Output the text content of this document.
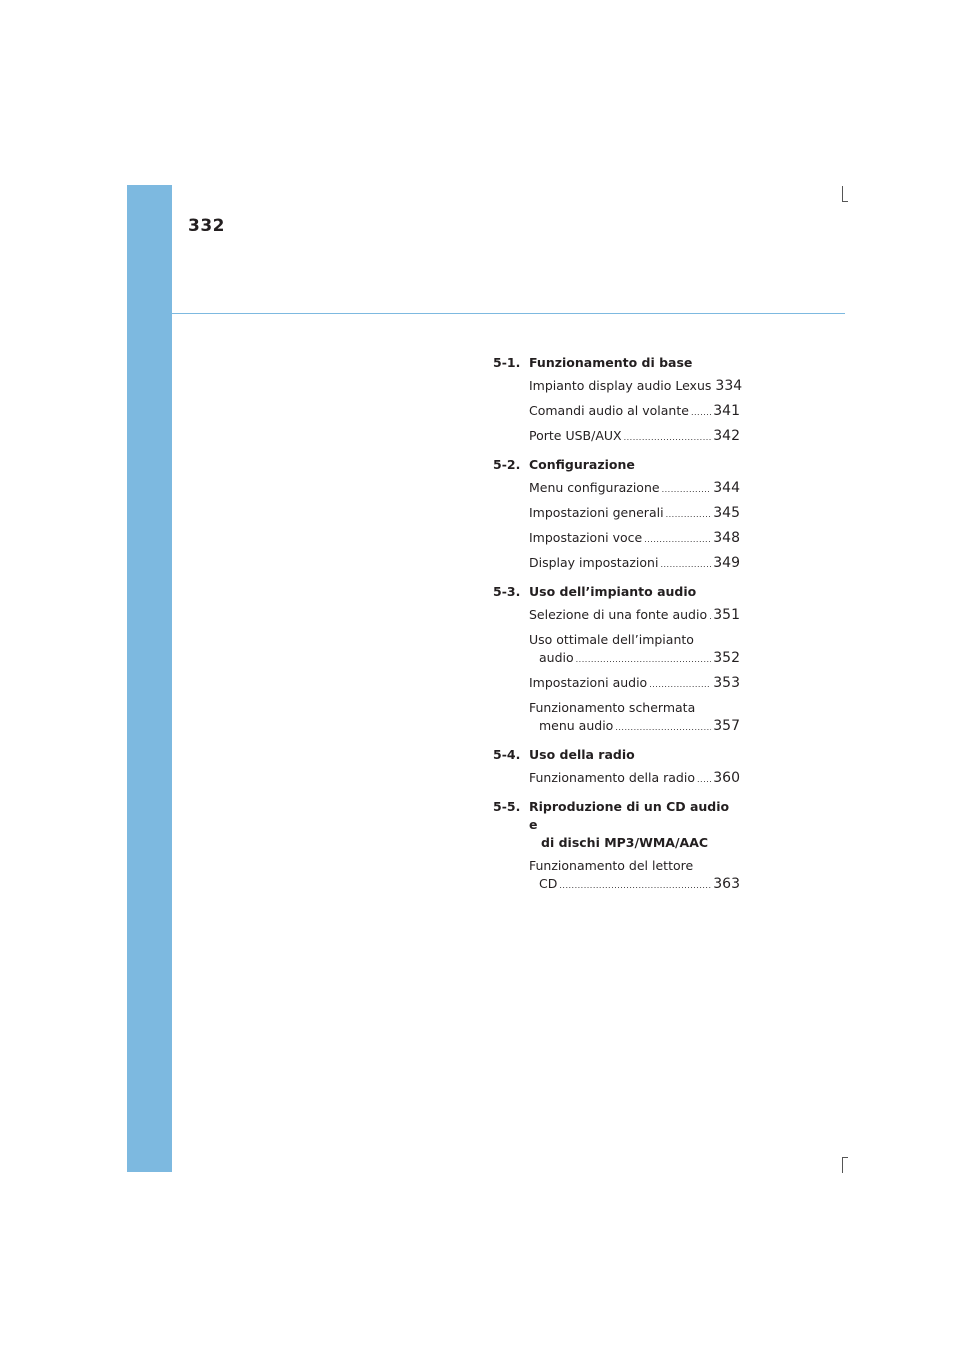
332
5-1. Funzionamento di base
Impianto display audio Lexus 334
Comandi audio al volante ..... 341
Porte USB/AUX .....	342
5-2. Configurazione
Menu configurazione .....	344
Impostazioni generali .....	345
Impostazioni voce .....	348
Display impostazioni .....	349
5-3. Uso dell’impianto audio
Selezione di una fonte audio ..... 351
Uso ottimale dell’impianto
audio .....	352
Impostazioni audio .....	353
Funzionamento schermata
menu audio .....	357
5-4. Uso della radio
Funzionamento della radio ..... 360
5-5. Riproduzione di un CD audio e
di dischi MP3/WMA/AAC
Funzionamento del lettore
CD .....	363
